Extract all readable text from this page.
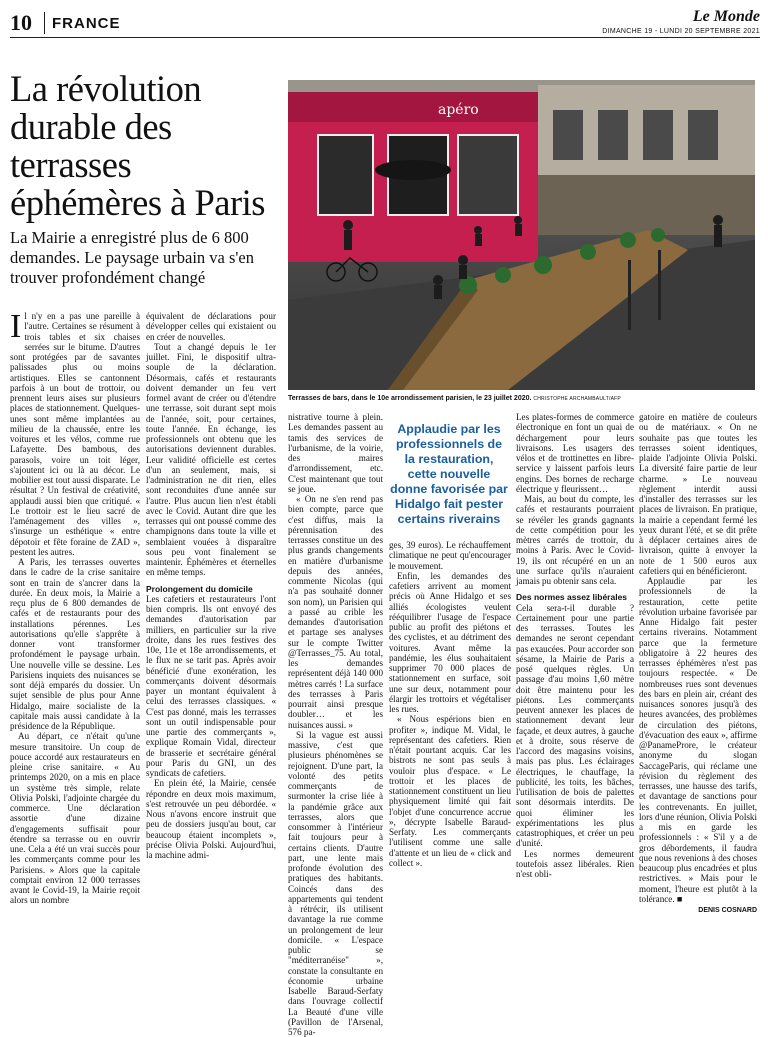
10 FRANCE	Le Monde
DIMANCHE 19 - LUNDI 20 SEPTEMBRE 2021
La révolution durable des terrasses éphémères à Paris
La Mairie a enregistré plus de 6 800 demandes. Le paysage urbain va s'en trouver profondément changé
apéro
Terrasses de bars, dans le 10e arrondissement parisien, le 23 juillet 2020. CHRISTOPHE ARCHAMBAULT/AFP
Applaudie par les professionnels de la restauration, cette nouvelle donne favorisée par Hidalgo fait pester certains riverains

Il n'y en a pas une pareille à l'autre. Certaines se résument à trois tables et six chaises serrées sur le bitume. D'autres sont protégées par de savantes palissades plus ou moins artistiques. Elles se cantonnent parfois à un bout de trottoir, ou prennent leurs aises sur plusieurs places de stationnement. Quelques-unes sont même implantées au milieu de la chaussée, entre les voitures et les vélos, comme rue Lafayette. Des bambous, des parasols, voire un toit léger, s'ajoutent ici ou là au décor. Le mobilier est tout aussi disparate. Le résultat ? Un festival de créativité, applaudi aussi bien que critiqué. « Le trottoir est le lieu sacré de l'aménagement des villes », s'insurge un esthétique « entre dépotoir et fête foraine de ZAD », pestent les autres.

A Paris, les terrasses ouvertes dans le cadre de la crise sanitaire sont en train de s'ancrer dans la durée. En deux mois, la Mairie a reçu plus de 6 800 demandes de cafés et de restaurants pour des installations pérennes. Les autorisations qu'elle s'apprête à donner vont transformer profondément le paysage urbain. Une nouvelle ville se dessine. Les Parisiens inquiets des nuisances se sont déjà emparés du dossier. Un sujet sensible de plus pour Anne Hidalgo, maire socialiste de la capitale mais aussi candidate à la présidence de la République.

Au départ, ce n'était qu'une mesure transitoire. Un coup de pouce accordé aux restaurateurs en pleine crise sanitaire. « Au printemps 2020, on a mis en place un système très simple, relate Olivia Polski, l'adjointe chargée du commerce. Une déclaration assortie d'une dizaine d'engagements suffisait pour étendre sa terrasse ou en ouvrir une. Cela a été un vrai succès pour les commerçants comme pour les Parisiens. » Alors que la capitale comptait environ 12 000 terrasses avant le Covid-19, la Mairie reçoit alors un nombre

équivalent de déclarations pour développer celles qui existaient ou en créer de nouvelles.

Tout a changé depuis le 1er juillet. Fini, le dispositif ultra-souple de la déclaration. Désormais, cafés et restaurants doivent demander un feu vert formel avant de créer ou d'étendre une terrasse, soit durant sept mois de l'année, soit, pour certaines, toute l'année. En échange, les professionnels ont obtenu que les autorisations deviennent durables. Leur validité officielle est certes d'un an seulement, mais, si l'administration ne dit rien, elles sont reconduites d'une année sur l'autre. Plus aucun lien n'est établi avec le Covid. Autant dire que les terrasses qui ont poussé comme des champignons dans toute la ville et semblaient vouées à disparaître sous peu vont finalement se maintenir. Éphémères et éternelles en même temps.

Prolongement du domicile

Les cafetiers et restaurateurs l'ont bien compris. Ils ont envoyé des demandes d'autorisation par milliers, en particulier sur la rive droite, dans les rues festives des 10e, 11e et 18e arrondissements, et le flux ne se tarit pas. Après avoir bénéficié d'une exonération, les commerçants doivent désormais payer un montant équivalent à celui des terrasses classiques. « C'est pas donné, mais les terrasses sont un outil indispensable pour une partie des commerçants », explique Romain Vidal, directeur de brasserie et secrétaire général pour Paris du GNI, un des syndicats de cafetiers.

En plein été, la Mairie, censée répondre en deux mois maximum, s'est retrouvée un peu débordée. « Nous n'avons encore instruit que peu de dossiers jusqu'au bout, car beaucoup étaient incomplets », précise Olivia Polski. Aujourd'hui, la machine admi-

nistrative tourne à plein. Les demandes passent au tamis des services de l'urbanisme, de la voirie, des maires d'arrondissement, etc. C'est maintenant que tout se joue.

« On ne s'en rend pas bien compte, parce que c'est diffus, mais la pérennisation des terrasses constitue un des plus grands changements en matière d'urbanisme depuis des années, commente Nicolas (qui n'a pas souhaité donner son nom), un Parisien qui a passé au crible les demandes d'autorisation et partage ses analyses sur le compte Twitter @Terrasses_75. Au total, les demandes représentent déjà 140 000 mètres carrés ! La surface des terrasses à Paris pourrait ainsi presque doubler… et les nuisances aussi. »

Si la vague est aussi massive, c'est que plusieurs phénomènes se rejoignent. D'une part, la volonté des petits commerçants de surmonter la crise liée à la pandémie grâce aux terrasses, alors que consommer à l'intérieur fait toujours peur à certains clients. D'autre part, une lente mais profonde évolution des pratiques des habitants. Coincés dans des appartements qui tendent à rétrécir, ils utilisent davantage la rue comme un prolongement de leur domicile. « L'espace public se "méditerranéise" », constate la consultante en économie urbaine Isabelle Baraud-Serfaty dans l'ouvrage collectif La Beauté d'une ville (Pavillon de l'Arsenal, 576 pa-

ges, 39 euros). Le réchauffement climatique ne peut qu'encourager le mouvement.

Enfin, les demandes des cafetiers arrivent au moment précis où Anne Hidalgo et ses alliés écologistes veulent rééquilibrer l'usage de l'espace public au profit des piétons et des cyclistes, et au détriment des voitures. Avant même la pandémie, les élus souhaitaient supprimer 70 000 places de stationnement en surface, soit une sur deux, notamment pour élargir les trottoirs et végétaliser les rues.

« Nous espérions bien en profiter », indique M. Vidal, le représentant des cafetiers. Rien n'était pourtant acquis. Car les bistrots ne sont pas seuls à vouloir plus d'espace. « Le trottoir et les places de stationnement constituent un lieu physiquement limité qui fait l'objet d'une concurrence accrue », décrypte Isabelle Baraud-Serfaty. Les commerçants l'utilisent comme une salle d'attente et un lieu de « click and collect ».

Les plates-formes de commerce électronique en font un quai de déchargement pour leurs livraisons. Les usagers des vélos et de trottinettes en libre-service y laissent parfois leurs engins. Des bornes de recharge électrique y fleurissent…

Mais, au bout du compte, les cafés et restaurants pourraient se révéler les grands gagnants de cette compétition pour les mètres carrés de trottoir, du moins à Paris. Avec le Covid-19, ils ont récupéré en un an une surface qu'ils n'auraient jamais pu obtenir sans cela.

Des normes assez libérales

Cela sera-t-il durable ? Certainement pour une partie des terrasses. Toutes les demandes ne seront cependant pas exaucées. Pour accorder son sésame, la Mairie de Paris a posé quelques règles. Un passage d'au moins 1,60 mètre doit être maintenu pour les piétons. Les commerçants peuvent annexer les places de stationnement devant leur façade, et deux autres, à gauche et à droite, sous réserve de l'accord des magasins voisins, mais pas plus. Les éclairages électriques, le chauffage, la publicité, les toits, les bâches, l'utilisation de bois de palettes sont désormais interdits. De quoi éliminer les expérimentations les plus catastrophiques, et créer un peu d'unité.

Les normes demeurent toutefois assez libérales. Rien n'est obli-

gatoire en matière de couleurs ou de matériaux. « On ne souhaite pas que toutes les terrasses soient identiques, plaide l'adjointe Olivia Polski. La diversité faire partie de leur charme. » Le nouveau règlement interdit aussi d'installer des terrasses sur les places de livraison. En pratique, la mairie a cependant fermé les yeux durant l'été, et se dit prête à déplacer certaines aires de livraison, quitte à envoyer la note de 1 500 euros aux cafetiers qui en bénéficieront.

Applaudie par les professionnels de la restauration, cette petite révolution urbaine favorisée par Anne Hidalgo fait pester certains riverains. Notamment parce que la fermeture obligatoire à 22 heures des terrasses éphémères n'est pas toujours respectée. « De nombreuses rues sont devenues des bars en plein air, créant des nuisances sonores jusqu'à des heures avancées, des problèmes de circulation des piétons, d'évacuation des eaux », affirme @PanameProre, le créateur anonyme du slogan SaccageParis, qui réclame une révision du règlement des terrasses, une hausse des tarifs, et davantage de sanctions pour les contrevenants. En juillet, lors d'une réunion, Olivia Polski a mis en garde les professionnels : « S'il y a de gros débordements, il faudra que nous revenions à des choses beaucoup plus encadrées et plus restrictives. » Mais pour le moment, l'heure est plutôt à la tolérance. ■

DENIS COSNARD
